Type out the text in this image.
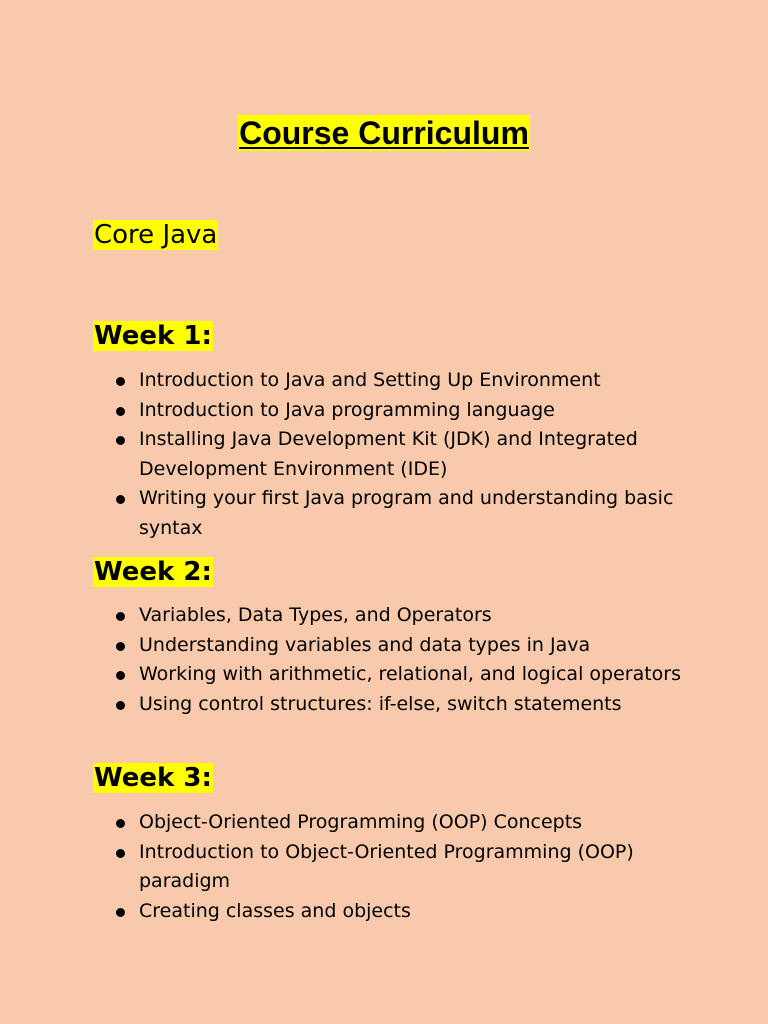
Course Curriculum
Core Java
Week 1:
Introduction to Java and Setting Up Environment
Introduction to Java programming language
Installing Java Development Kit (JDK) and Integrated Development Environment (IDE)
Writing your first Java program and understanding basic syntax
Week 2:
Variables, Data Types, and Operators
Understanding variables and data types in Java
Working with arithmetic, relational, and logical operators
Using control structures: if-else, switch statements
Week 3:
Object-Oriented Programming (OOP) Concepts
Introduction to Object-Oriented Programming (OOP) paradigm
Creating classes and objects
